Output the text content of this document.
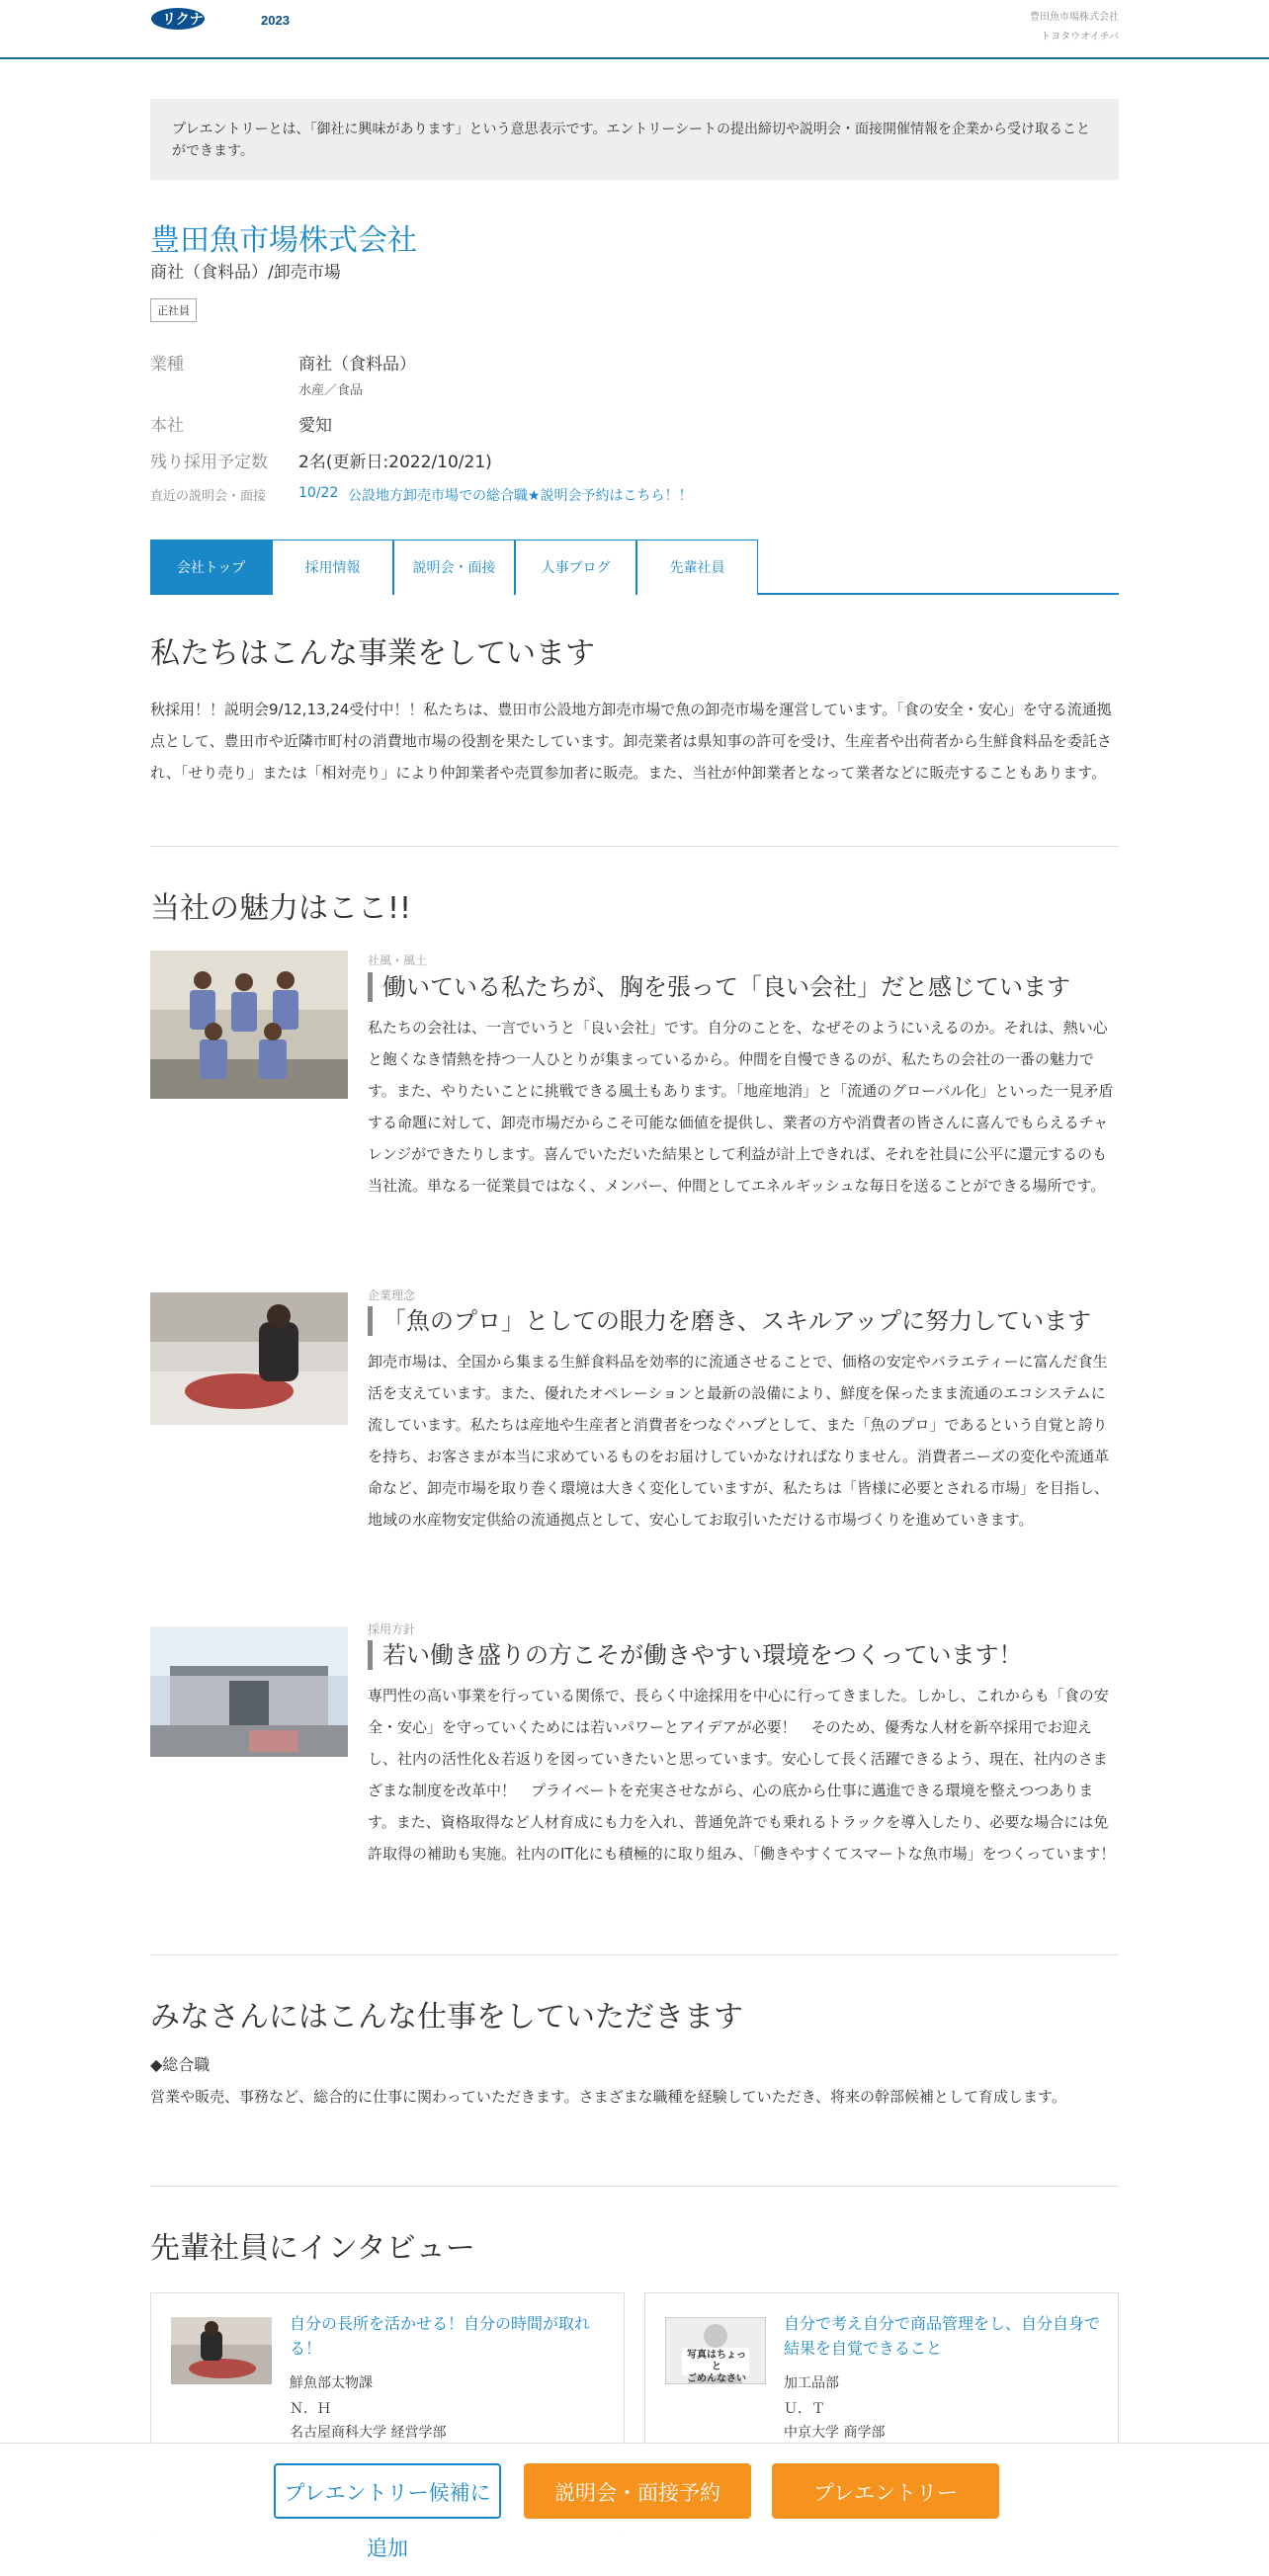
リクナビ	2023	豊田魚市場株式会社
トヨタウオイチバ
プレエントリーとは、「御社に興味があります」という意思表示です。エントリーシートの提出締切や説明会・面接開催情報を企業から受け取ることができます。
豊田魚市場株式会社
商社（食料品）/卸売市場
正社員
業種	商社（食料品）
水産／食品
本社	愛知
残り採用予定数 2名(更新日:2022/10/21)
直近の説明会・面接 10/22 公設地方卸売市場での総合職★説明会予約はこちら！！
会社トップ	採用情報	説明会・面接	人事ブログ	先輩社員
私たちはこんな事業をしています
秋採用！！説明会9/12,13,24受付中！！私たちは、豊田市公設地方卸売市場で魚の卸売市場を運営しています。「食の安全・安心」を守る流通拠点として、豊田市や近隣市町村の消費地市場の役割を果たしています。卸売業者は県知事の許可を受け、生産者や出荷者から生鮮食料品を委託され、「せり売り」または「相対売り」により仲卸業者や売買参加者に販売。また、当社が仲卸業者となって業者などに販売することもあります。
当社の魅力はここ!!
社風・風土
働いている私たちが、胸を張って「良い会社」だと感じています
私たちの会社は、一言でいうと「良い会社」です。自分のことを、なぜそのようにいえるのか。それは、熱い心と飽くなき情熱を持つ一人ひとりが集まっているから。仲間を自慢できるのが、私たちの会社の一番の魅力です。また、やりたいことに挑戦できる風土もあります。「地産地消」と「流通のグローバル化」といった一見矛盾する命題に対して、卸売市場だからこそ可能な価値を提供し、業者の方や消費者の皆さんに喜んでもらえるチャレンジができたりします。喜んでいただいた結果として利益が計上できれば、それを社員に公平に還元するのも当社流。単なる一従業員ではなく、メンバー、仲間としてエネルギッシュな毎日を送ることができる場所です。
企業理念
「魚のプロ」としての眼力を磨き、スキルアップに努力しています
卸売市場は、全国から集まる生鮮食料品を効率的に流通させることで、価格の安定やバラエティーに富んだ食生活を支えています。また、優れたオペレーションと最新の設備により、鮮度を保ったまま流通のエコシステムに流しています。私たちは産地や生産者と消費者をつなぐハブとして、また「魚のプロ」であるという自覚と誇りを持ち、お客さまが本当に求めているものをお届けしていかなければなりません。消費者ニーズの変化や流通革命など、卸売市場を取り巻く環境は大きく変化していますが、私たちは「皆様に必要とされる市場」を目指し、地域の水産物安定供給の流通拠点として、安心してお取引いただける市場づくりを進めていきます。
採用方針
若い働き盛りの方こそが働きやすい環境をつくっています！
専門性の高い事業を行っている関係で、長らく中途採用を中心に行ってきました。しかし、これからも「食の安全・安心」を守っていくためには若いパワーとアイデアが必要！　そのため、優秀な人材を新卒採用でお迎えし、社内の活性化＆若返りを図っていきたいと思っています。安心して長く活躍できるよう、現在、社内のさまざまな制度を改革中！　プライベートを充実させながら、心の底から仕事に邁進できる環境を整えつつあります。また、資格取得など人材育成にも力を入れ、普通免許でも乗れるトラックを導入したり、必要な場合には免許取得の補助も実施。社内のIT化にも積極的に取り組み、「働きやすくてスマートな魚市場」をつくっています！
みなさんにはこんな仕事をしていただきます
◆総合職
営業や販売、事務など、総合的に仕事に関わっていただきます。さまざまな職種を経験していただき、将来の幹部候補として育成します。
先輩社員にインタビュー
自分の長所を活かせる！自分の時間が取れる！
鮮魚部太物課
Ｎ．Ｈ
名古屋商科大学 経営学部
写真はちょっと
ごめんなさい
自分で考え自分で商品管理をし、自分自身で結果を自覚できること
加工品部
Ｕ．Ｔ
中京大学 商学部
プレエントリー候補に追加
説明会・面接予約	プレエントリー
